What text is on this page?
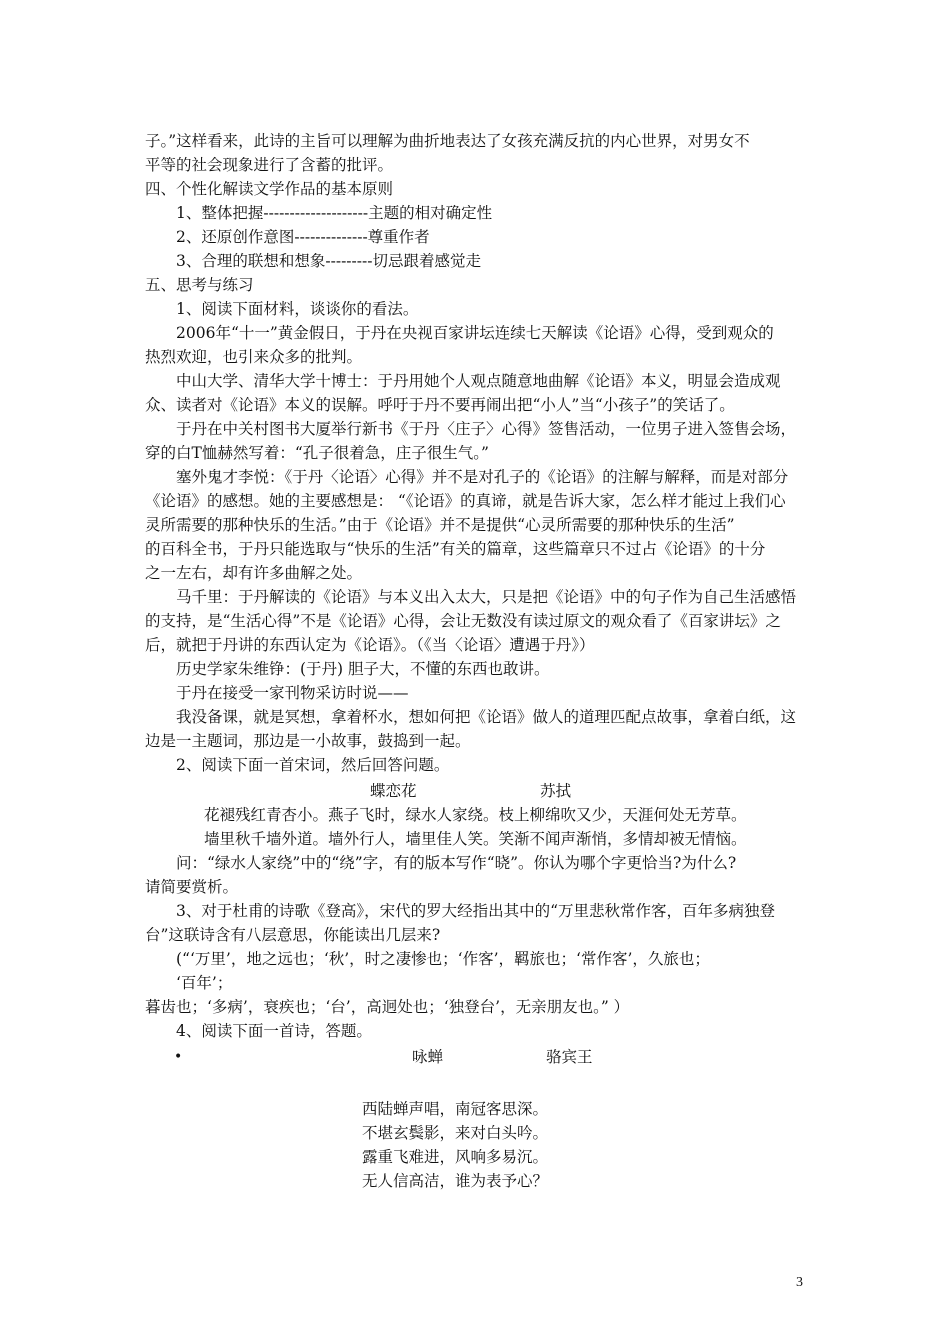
子。”这样看来，此诗的主旨可以理解为曲折地表达了女孩充满反抗的内心世界，对男女不
平等的社会现象进行了含蓄的批评。
四、个性化解读文学作品的基本原则
1、整体把握--------------------主题的相对确定性
2、还原创作意图--------------尊重作者
3、合理的联想和想象---------切忌跟着感觉走
五、思考与练习
1、阅读下面材料，谈谈你的看法。
2006年“十一”黄金假日，于丹在央视百家讲坛连续七天解读《论语》心得，受到观众的
热烈欢迎，也引来众多的批判。
中山大学、清华大学十博士：于丹用她个人观点随意地曲解《论语》本义，明显会造成观
众、读者对《论语》本义的误解。呼吁于丹不要再闹出把“小人”当“小孩子”的笑话了。
于丹在中关村图书大厦举行新书《于丹〈庄子〉心得》签售活动，一位男子进入签售会场，
穿的白T恤赫然写着：“孔子很着急，庄子很生气。”
塞外鬼才李悦：《于丹〈论语〉心得》并不是对孔子的《论语》的注解与解释，而是对部分
《论语》的感想。她的主要感想是： “《论语》的真谛，就是告诉大家，怎么样才能过上我们心
灵所需要的那种快乐的生活。”由于《论语》并不是提供“心灵所需要的那种快乐的生活”
的百科全书，于丹只能选取与“快乐的生活”有关的篇章，这些篇章只不过占《论语》的十分
之一左右，却有许多曲解之处。
马千里：于丹解读的《论语》与本义出入太大，只是把《论语》中的句子作为自己生活感悟
的支持，是“生活心得”不是《论语》心得，会让无数没有读过原文的观众看了《百家讲坛》之
后，就把于丹讲的东西认定为《论语》。（《当〈论语〉遭遇于丹》）
历史学家朱维铮：(于丹) 胆子大，不懂的东西也敢讲。
于丹在接受一家刊物采访时说——
我没备课，就是冥想，拿着杯水，想如何把《论语》做人的道理匹配点故事，拿着白纸，这
边是一主题词，那边是一小故事，鼓捣到一起。
2、阅读下面一首宋词，然后回答问题。
蝶恋花	苏拭
花褪残红青杏小。燕子飞时，绿水人家绕。枝上柳绵吹又少，天涯何处无芳草。
墙里秋千墙外道。墙外行人，墙里佳人笑。笑渐不闻声渐悄，多情却被无情恼。
问：“绿水人家绕”中的“绕”字，有的版本写作“晓”。你认为哪个字更恰当?为什么?
请简要赏析。
3、对于杜甫的诗歌《登高》，宋代的罗大经指出其中的“万里悲秋常作客，百年多病独登
台”这联诗含有八层意思，你能读出几层来?
(“‘万里’，地之远也；‘秋’，时之凄惨也；‘作客’，羁旅也；‘常作客’，久旅也；
‘百年’；
暮齿也；‘多病’，衰疾也；‘台’，高迥处也；‘独登台’，无亲朋友也。” ）
4、阅读下面一首诗，答题。
•	咏蝉	骆宾王
西陆蝉声唱，南冠客思深。
不堪玄鬓影，来对白头吟。
露重飞难进，风响多易沉。
无人信高洁，谁为表予心？
3
